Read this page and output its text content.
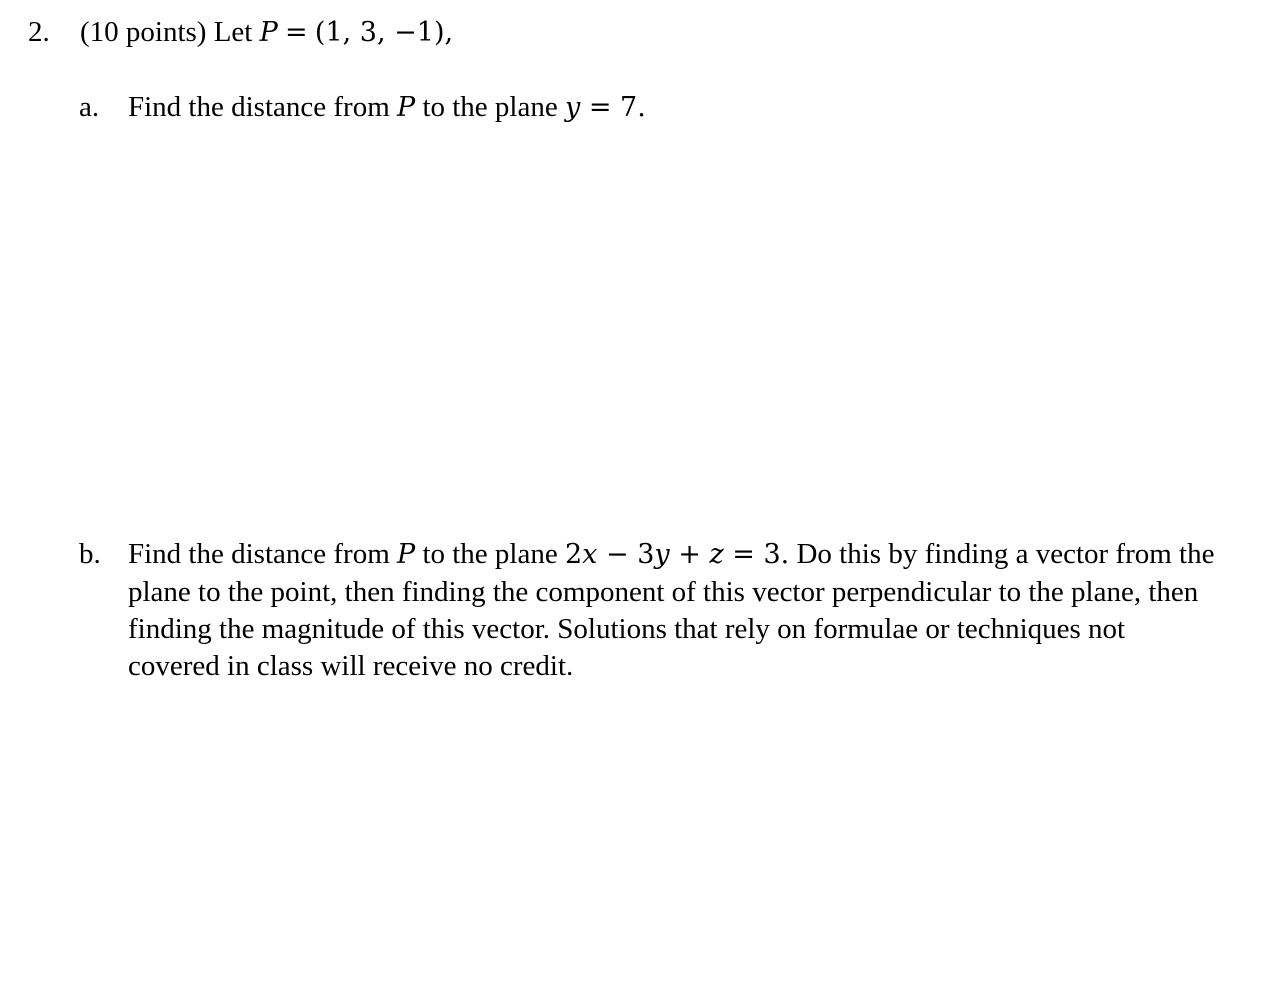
2. (10 points) Let P = (1, 3, −1),
a. Find the distance from P to the plane y = 7.
b. Find the distance from P to the plane 2x − 3y + z = 3. Do this by finding a vector from the
plane to the point, then finding the component of this vector perpendicular to the plane, then
finding the magnitude of this vector. Solutions that rely on formulae or techniques not
covered in class will receive no credit.
